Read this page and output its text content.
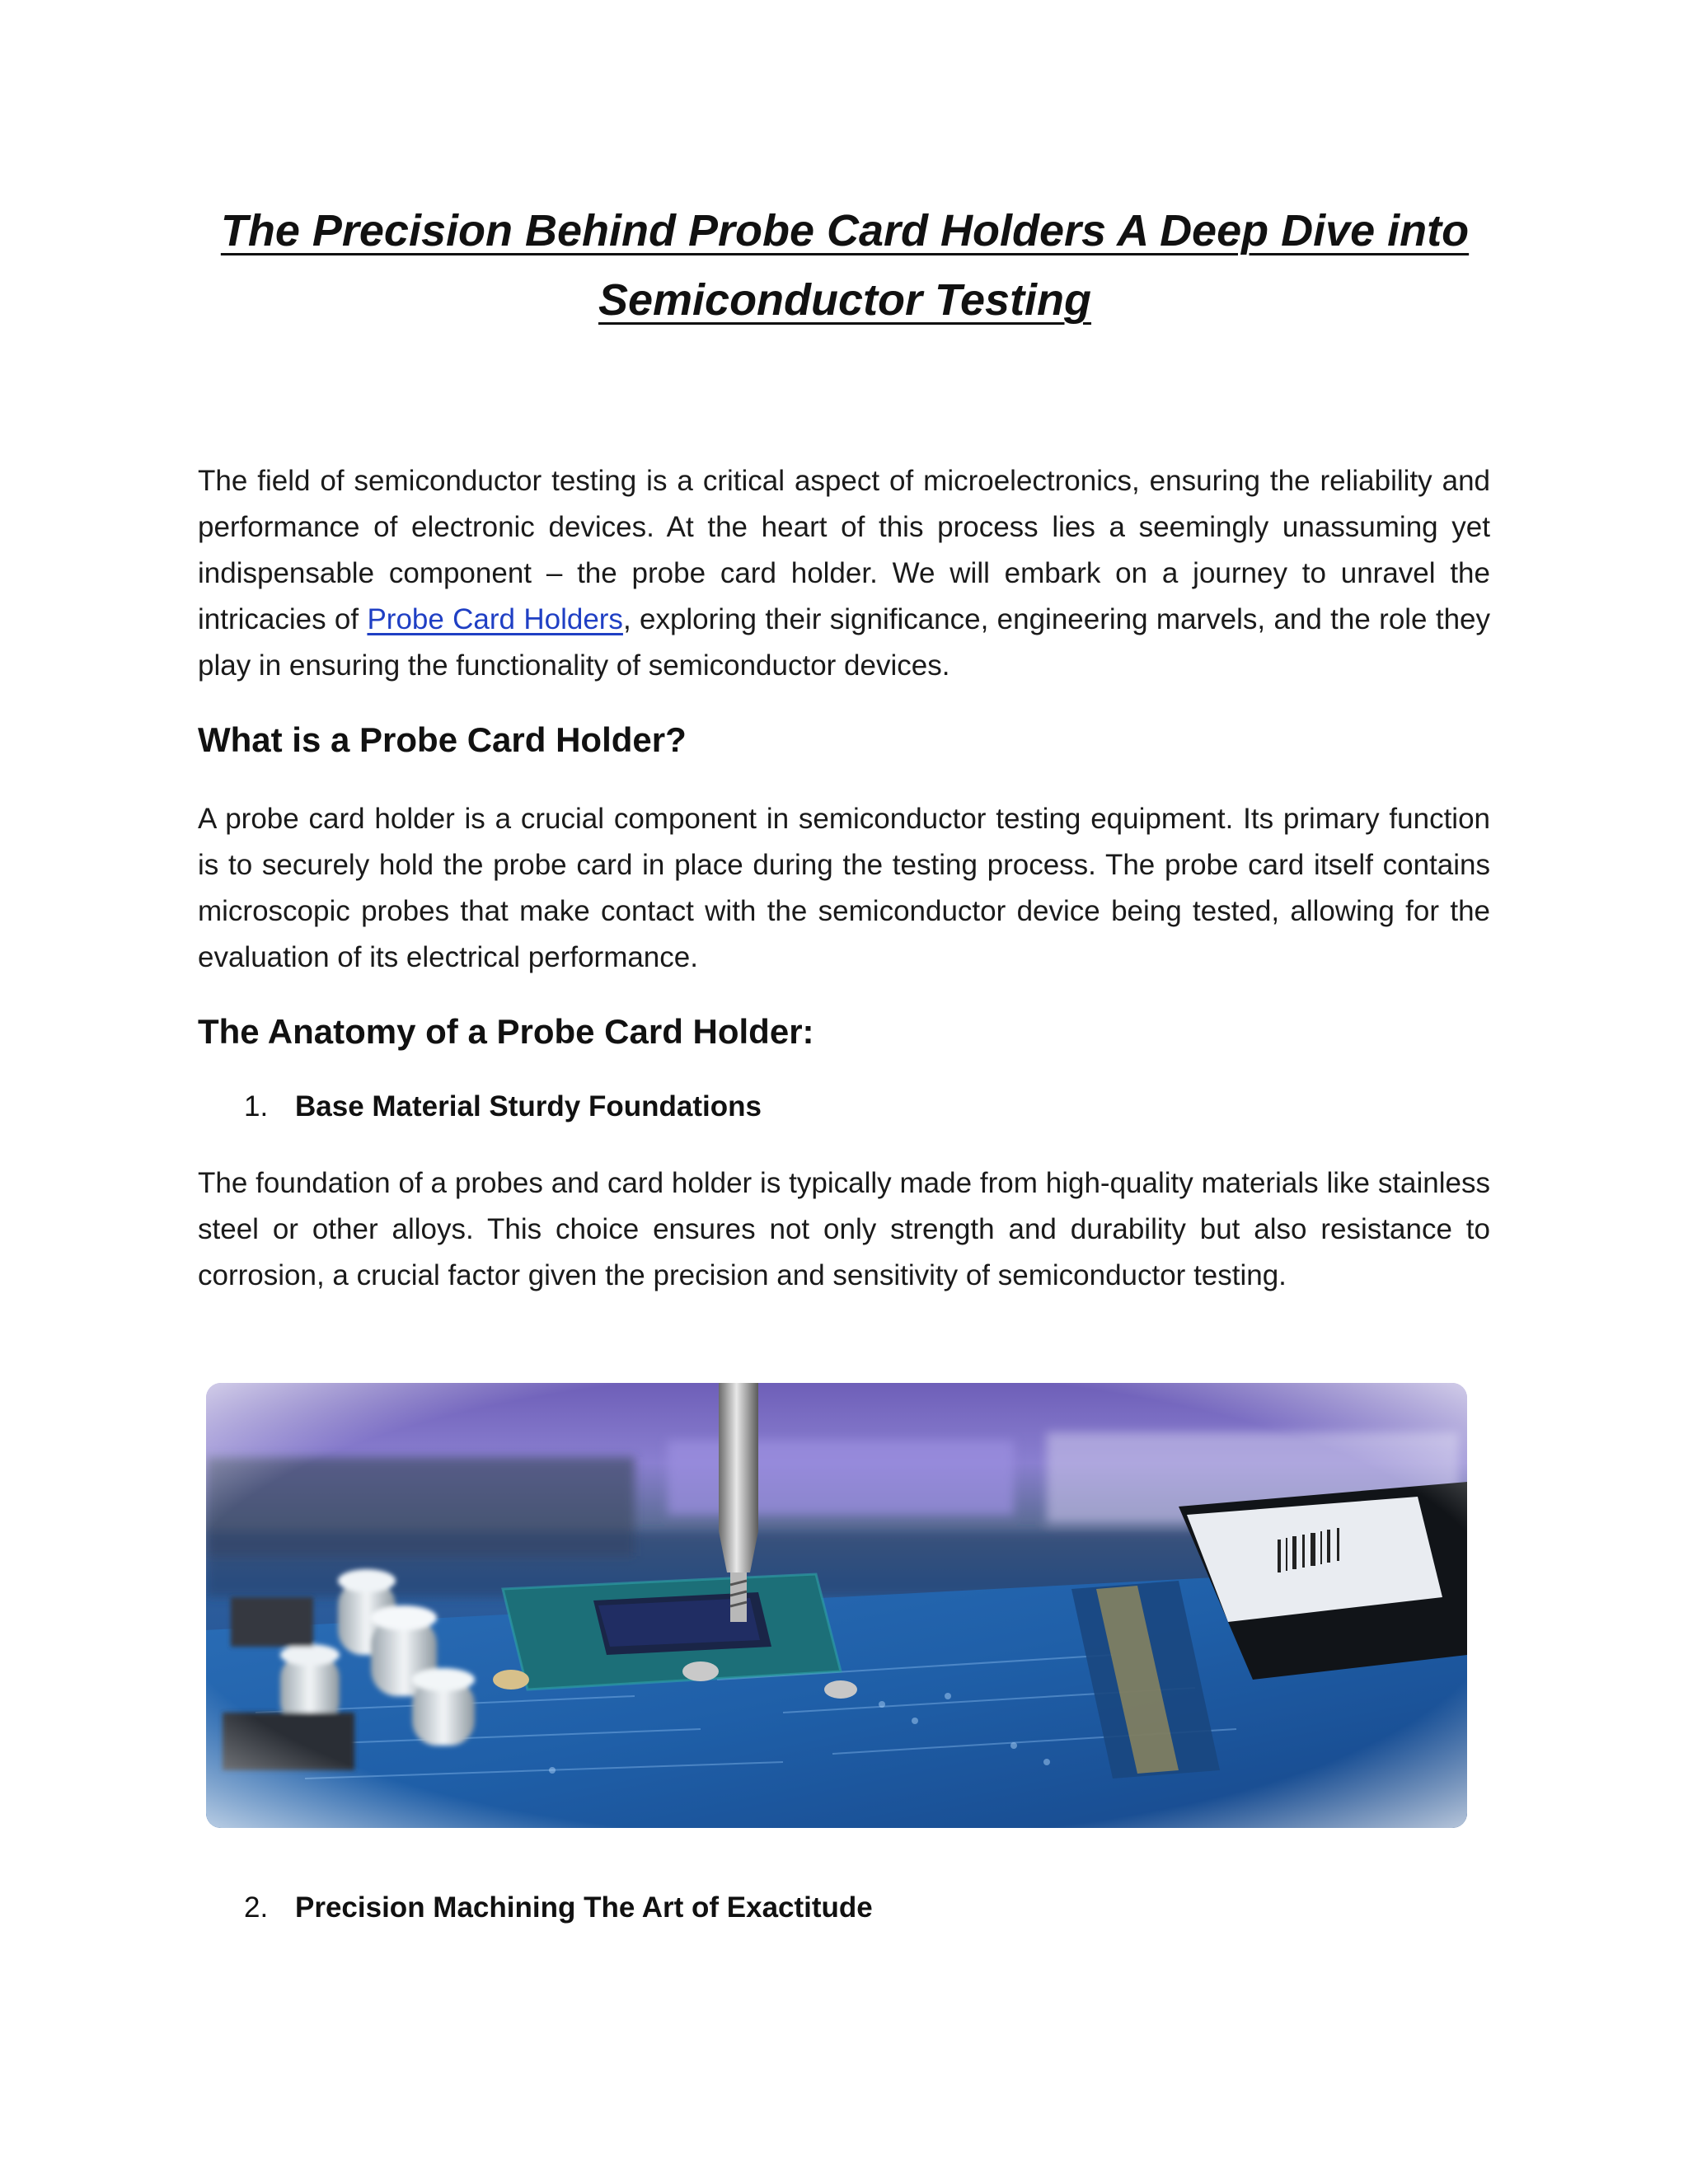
The Precision Behind Probe Card Holders A Deep Dive into Semiconductor Testing

The field of semiconductor testing is a critical aspect of microelectronics, ensuring the reliability and performance of electronic devices. At the heart of this process lies a seemingly unassuming yet indispensable component – the probe card holder. We will embark on a journey to unravel the intricacies of Probe Card Holders, exploring their significance, engineering marvels, and the role they play in ensuring the functionality of semiconductor devices.

What is a Probe Card Holder?

A probe card holder is a crucial component in semiconductor testing equipment. Its primary function is to securely hold the probe card in place during the testing process. The probe card itself contains microscopic probes that make contact with the semiconductor device being tested, allowing for the evaluation of its electrical performance.

The Anatomy of a Probe Card Holder:
1. Base Material Sturdy Foundations

The foundation of a probes and card holder is typically made from high-quality materials like stainless steel or other alloys. This choice ensures not only strength and durability but also resistance to corrosion, a crucial factor given the precision and sensitivity of semiconductor testing.

2. Precision Machining The Art of Exactitude
